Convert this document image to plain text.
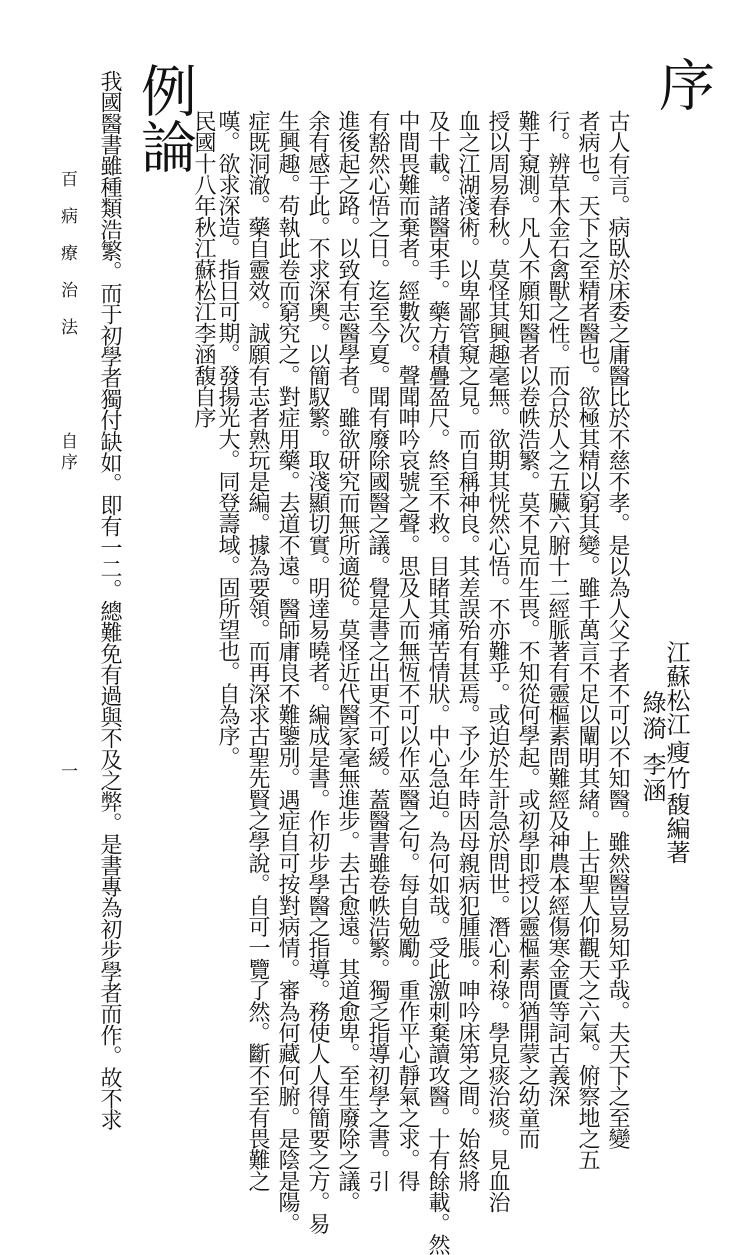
序
江蘇松江
瘦
竹
李
涵
馥編著
綠
漪
古人有言。病臥於床委之庸醫比於不慈不孝。是以為人父子者不可以不知醫。雖然醫豈易知乎哉。夫天下之至變
者病也。天下之至精者醫也。欲極其精以窮其變。雖千萬言不足以闡明其緒。上古聖人仰觀天之六氣。俯察地之五
行。辨草木金石禽獸之性。而合於人之五臟六腑十二經脈著有靈樞素問難經及神農本經傷寒金匱等詞古義深
難于窺測。凡人不願知醫者以卷帙浩繁。莫不見而生畏。不知從何學起。或初學即授以靈樞素問猶開蒙之幼童而
授以周易春秋。莫怪其興趣毫無。欲期其恍然心悟。不亦難乎。或迫於生計急於問世。潛心利祿。學見痰治痰。見血治
血之江湖淺術。以卑鄙管窺之見。而自稱神良。其差誤殆有甚焉。予少年時因母親病犯腫脹。呻吟床第之間。始終將
及十載。諸醫束手。藥方積疊盈尺。終至不救。目睹其痛苦情狀。中心急迫。為何如哉。受此激刺棄讀攻醫。十有餘載。然
中間畏難而棄者。經數次。聲聞呻吟哀號之聲。思及人而無恆不可以作巫醫之句。每自勉勵。重作平心靜氣之求。得
有豁然心悟之日。迄至今夏。聞有廢除國醫之議。覺是書之出更不可緩。蓋醫書雖卷帙浩繁。獨乏指導初學之書。引
進後起之路。以致有志醫學者。雖欲研究而無所適從。莫怪近代醫家毫無進步。去古愈遠。其道愈卑。至生廢除之議。
余有感于此。不求深奧。以簡馭繁。取淺顯切實。明達易曉者。編成是書。作初步學醫之指導。務使人人得簡要之方。易
生興趣。苟執此卷而窮究之。對症用藥。去道不遠。醫師庸良不難鑒別。遇症自可按對病情。審為何藏何腑。是陰是陽。
症既洞澈。藥自靈效。誠願有志者熟玩是編。據為要領。而再深求古聖先賢之學說。自可一覽了然。斷不至有畏難之
嘆。欲求深造。指日可期。發揚光大。同登壽域。固所望也。自為序。
民國十八年秋江蘇松江李涵馥自序
例論
我國醫書雖種類浩繁。而于初學者獨付缺如。即有一二。總難免有過與不及之弊。是書專為初步學者而作。故不求
百病療治法
自序
一
